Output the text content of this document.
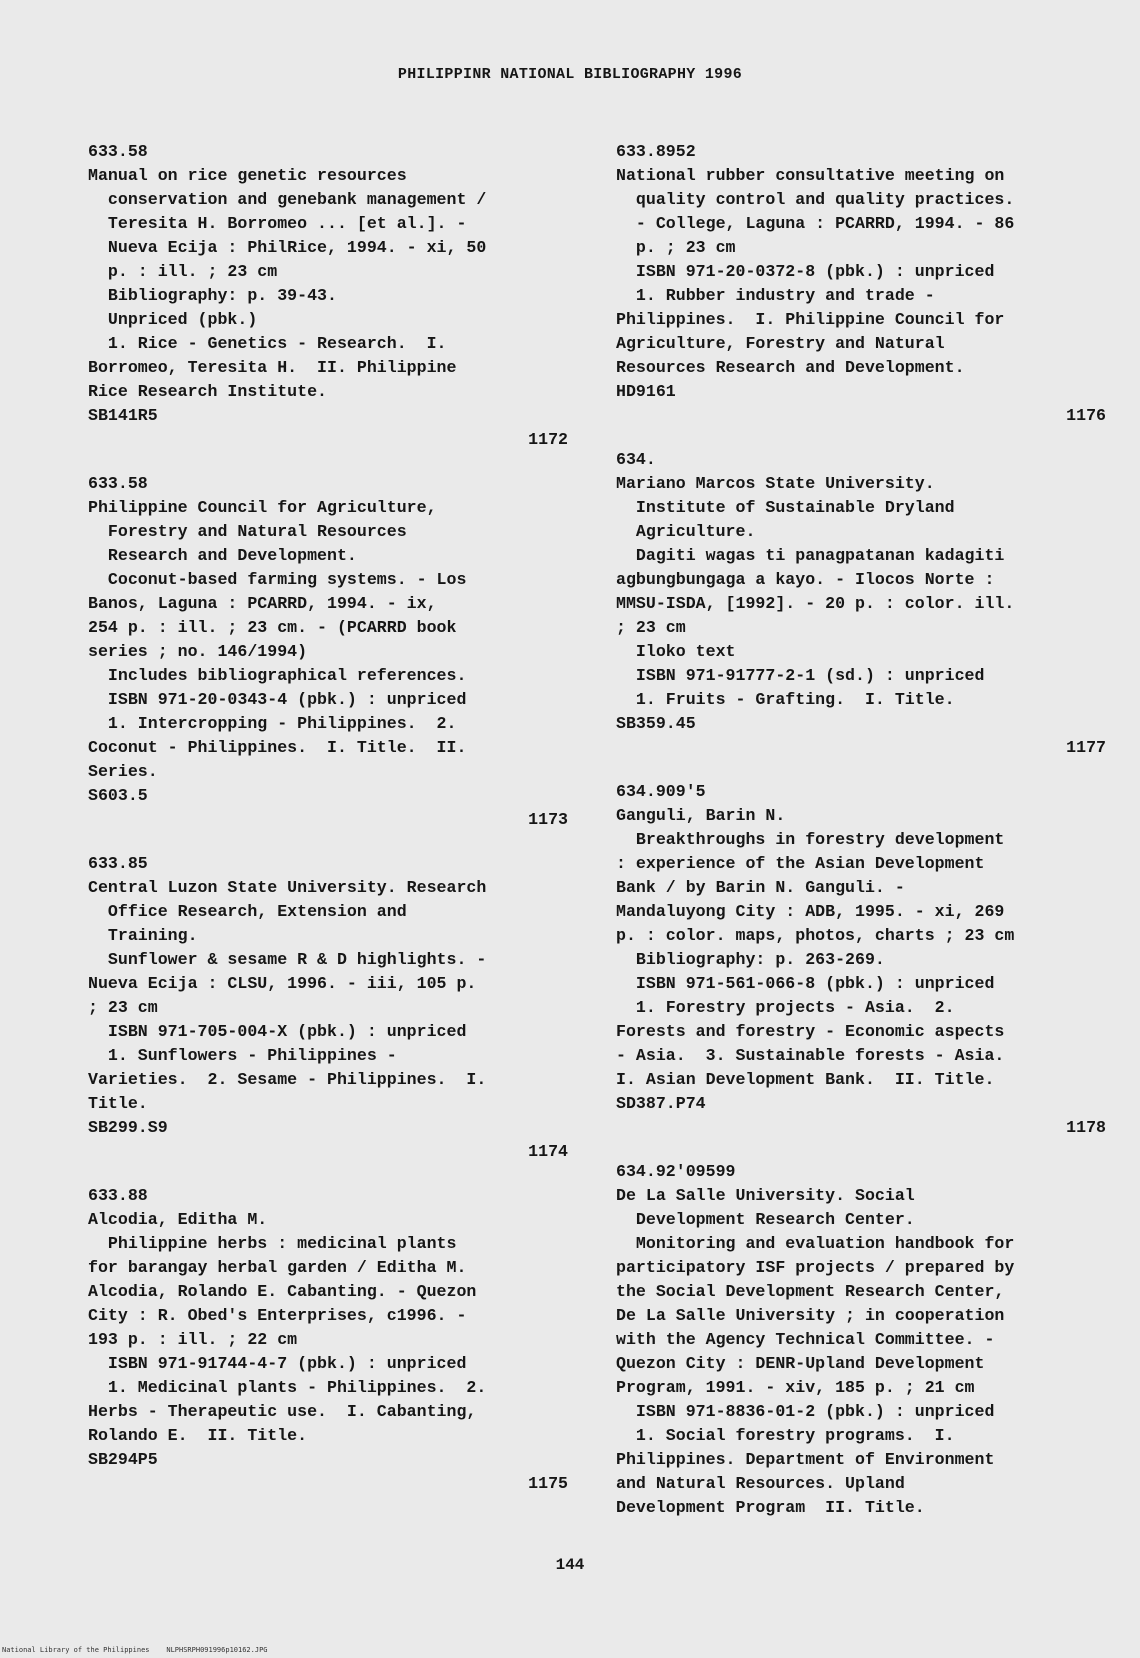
PHILIPPINR NATIONAL BIBLIOGRAPHY 1996
633.58
Manual on rice genetic resources
conservation and genebank management /
Teresita H. Borromeo ... [et al.]. -
Nueva Ecija : PhilRice, 1994. - xi, 50
p. : ill. ; 23 cm
Bibliography: p. 39-43.
Unpriced (pbk.)
1. Rice - Genetics - Research.  I.
Borromeo, Teresita H.  II. Philippine
Rice Research Institute.
SB141R5
1172
633.58
Philippine Council for Agriculture,
Forestry and Natural Resources
Research and Development.
Coconut-based farming systems. - Los
Banos, Laguna : PCARRD, 1994. - ix,
254 p. : ill. ; 23 cm. - (PCARRD book
series ; no. 146/1994)
Includes bibliographical references.
ISBN 971-20-0343-4 (pbk.) : unpriced
1. Intercropping - Philippines.  2.
Coconut - Philippines.  I. Title.  II.
Series.
S603.5
1173
633.85
Central Luzon State University. Research
Office Research, Extension and
Training.
Sunflower & sesame R & D highlights. -
Nueva Ecija : CLSU, 1996. - iii, 105 p.
; 23 cm
ISBN 971-705-004-X (pbk.) : unpriced
1. Sunflowers - Philippines -
Varieties.  2. Sesame - Philippines.  I.
Title.
SB299.S9
1174
633.88
Alcodia, Editha M.
Philippine herbs : medicinal plants
for barangay herbal garden / Editha M.
Alcodia, Rolando E. Cabanting. - Quezon
City : R. Obed's Enterprises, c1996. -
193 p. : ill. ; 22 cm
ISBN 971-91744-4-7 (pbk.) : unpriced
1. Medicinal plants - Philippines.  2.
Herbs - Therapeutic use.  I. Cabanting,
Rolando E.  II. Title.
SB294P5
1175
633.8952
National rubber consultative meeting on
quality control and quality practices.
- College, Laguna : PCARRD, 1994. - 86
p. ; 23 cm
ISBN 971-20-0372-8 (pbk.) : unpriced
1. Rubber industry and trade -
Philippines.  I. Philippine Council for
Agriculture, Forestry and Natural
Resources Research and Development.
HD9161
1176
634.
Mariano Marcos State University.
Institute of Sustainable Dryland
Agriculture.
Dagiti wagas ti panagpatanan kadagiti
agbungbungaga a kayo. - Ilocos Norte :
MMSU-ISDA, [1992]. - 20 p. : color. ill.
; 23 cm
Iloko text
ISBN 971-91777-2-1 (sd.) : unpriced
1. Fruits - Grafting.  I. Title.
SB359.45
1177
634.909'5
Ganguli, Barin N.
Breakthroughs in forestry development
: experience of the Asian Development
Bank / by Barin N. Ganguli. -
Mandaluyong City : ADB, 1995. - xi, 269
p. : color. maps, photos, charts ; 23 cm
Bibliography: p. 263-269.
ISBN 971-561-066-8 (pbk.) : unpriced
1. Forestry projects - Asia.  2.
Forests and forestry - Economic aspects
- Asia.  3. Sustainable forests - Asia.
I. Asian Development Bank.  II. Title.
SD387.P74
1178
634.92'09599
De La Salle University. Social
Development Research Center.
Monitoring and evaluation handbook for
participatory ISF projects / prepared by
the Social Development Research Center,
De La Salle University ; in cooperation
with the Agency Technical Committee. -
Quezon City : DENR-Upland Development
Program, 1991. - xiv, 185 p. ; 21 cm
ISBN 971-8836-01-2 (pbk.) : unpriced
1. Social forestry programs.  I.
Philippines. Department of Environment
and Natural Resources. Upland
Development Program  II. Title.
144
National Library of the Philippines    NLPHSRPH091996p10162.JPG
